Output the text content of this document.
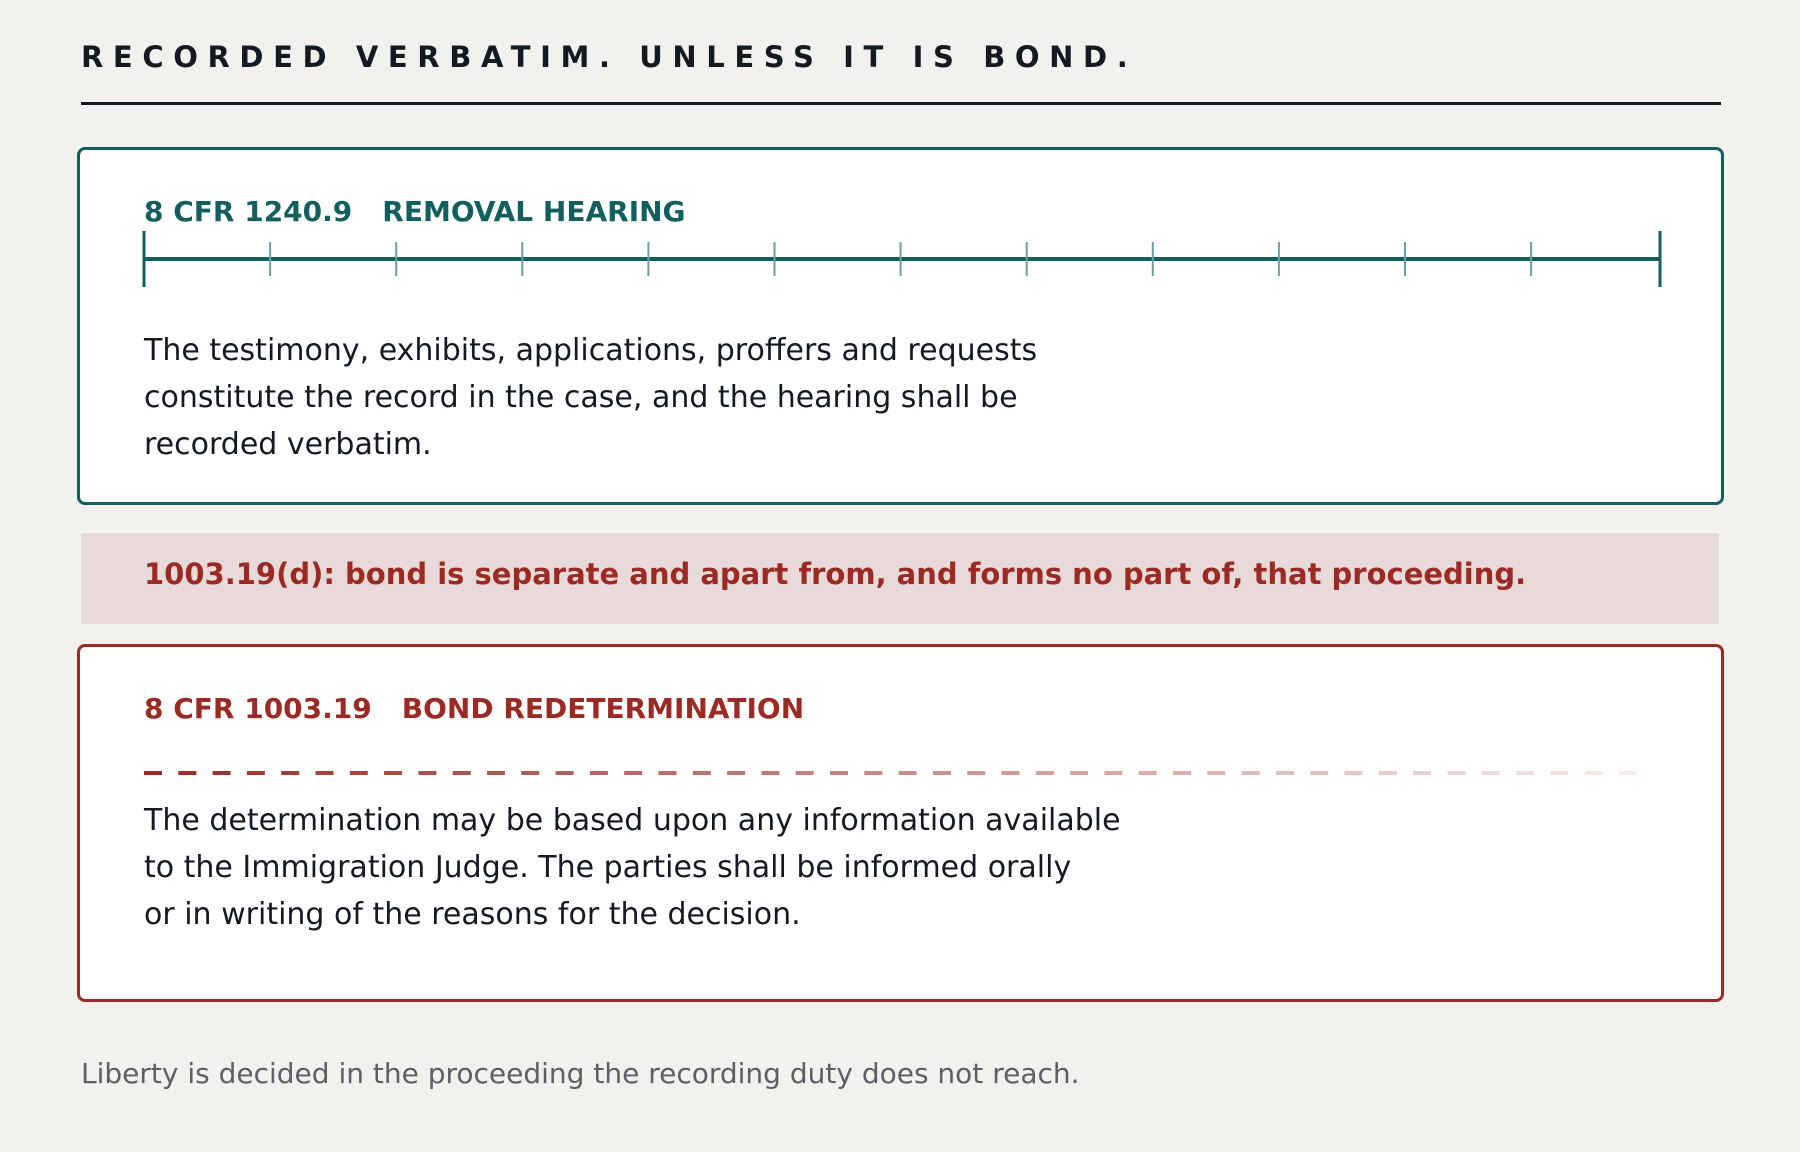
RECORDED VERBATIM. UNLESS IT IS BOND.
8 CFR 1240.9 REMOVAL HEARING

The testimony, exhibits, applications, proffers and requests
constitute the record in the case, and the hearing shall be
recorded verbatim.

1003.19(d): bond is separate and apart from, and forms no part of, that proceeding.
8 CFR 1003.19 BOND REDETERMINATION

The determination may be based upon any information available
to the Immigration Judge. The parties shall be informed orally
or in writing of the reasons for the decision.

Liberty is decided in the proceeding the recording duty does not reach.
